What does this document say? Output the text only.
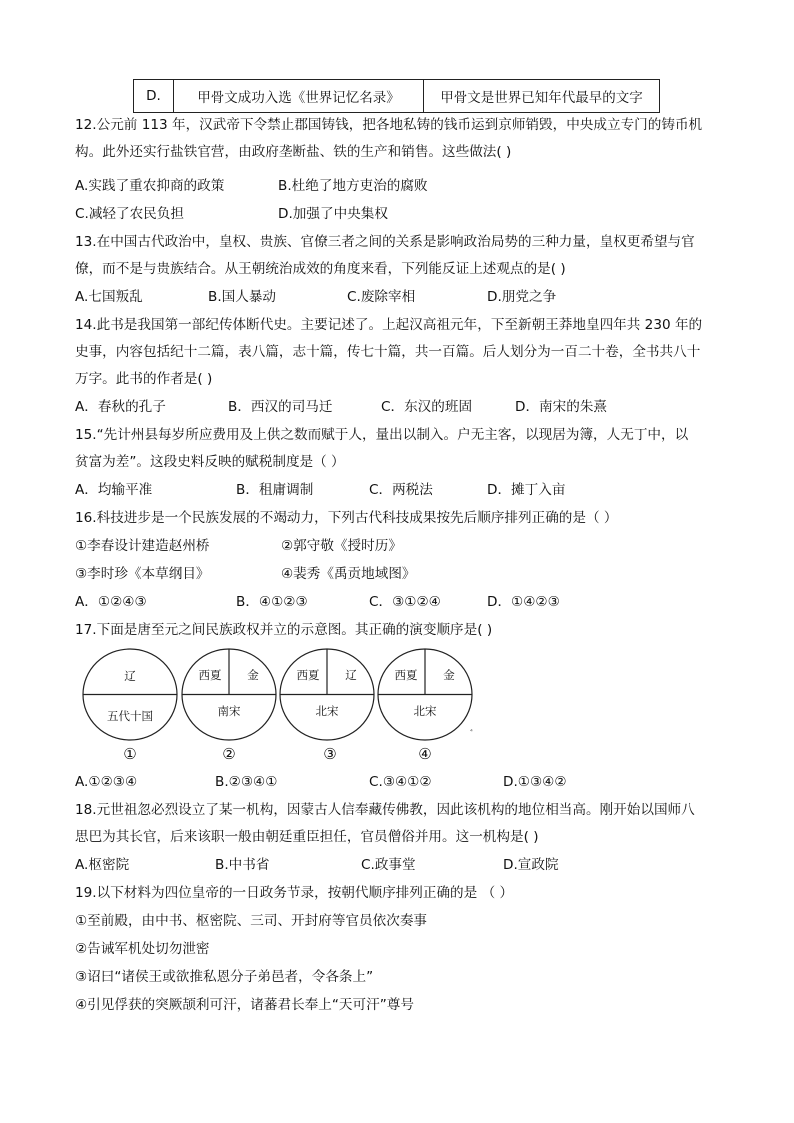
D.	甲骨文成功入选《世界记忆名录》	甲骨文是世界已知年代最早的文字
12.公元前 113 年，汉武帝下令禁止郡国铸钱，把各地私铸的钱币运到京师销毁，中央成立专门的铸币机
构。此外还实行盐铁官营，由政府垄断盐、铁的生产和销售。这些做法( )
A.实践了重农抑商的政策	B.杜绝了地方吏治的腐败
C.减轻了农民负担	D.加强了中央集权
13.在中国古代政治中，皇权、贵族、官僚三者之间的关系是影响政治局势的三种力量，皇权更希望与官
僚，而不是与贵族结合。从王朝统治成效的角度来看，下列能反证上述观点的是( )
A.七国叛乱	B.国人暴动	C.废除宰相	D.朋党之争
14.此书是我国第一部纪传体断代史。主要记述了。上起汉高祖元年，下至新朝王莽地皇四年共 230 年的
史事，内容包括纪十二篇，表八篇，志十篇，传七十篇，共一百篇。后人划分为一百二十卷，全书共八十
万字。此书的作者是( )
A．春秋的孔子	B．西汉的司马迁	C．东汉的班固	D．南宋的朱熹
15.“先计州县每岁所应费用及上供之数而赋于人，量出以制入。户无主客，以现居为簿，人无丁中，以
贫富为差”。这段史料反映的赋税制度是（ ）
A．均输平准	B．租庸调制	C．两税法	D．摊丁入亩
16.科技进步是一个民族发展的不竭动力，下列古代科技成果按先后顺序排列正确的是（ ）
①李春设计建造赵州桥	②郭守敬《授时历》
③李时珍《本草纲目》	④裴秀《禹贡地域图》
A．①②④③	B．④①②③	C．③①②④	D．①④②③
17.下面是唐至元之间民族政权并立的示意图。其正确的演变顺序是( )
辽
五代十国
西夏 金
南宋
西夏 辽
北宋
西夏 金
北宋
⁴
①	②	③	④
A.①②③④	B.②③④①	C.③④①②	D.①③④②
18.元世祖忽必烈设立了某一机构，因蒙古人信奉藏传佛教，因此该机构的地位相当高。刚开始以国师八
思巴为其长官，后来该职一般由朝廷重臣担任，官员僧俗并用。这一机构是( )
A.枢密院	B.中书省	C.政事堂	D.宣政院
19.以下材料为四位皇帝的一日政务节录，按朝代顺序排列正确的是 （ ）
①至前殿，由中书、枢密院、三司、开封府等官员依次奏事
②告诫军机处切勿泄密
③诏曰“诸侯王或欲推私恩分子弟邑者，令各条上”
④引见俘获的突厥颉利可汗，诸蕃君长奉上“天可汗”尊号
